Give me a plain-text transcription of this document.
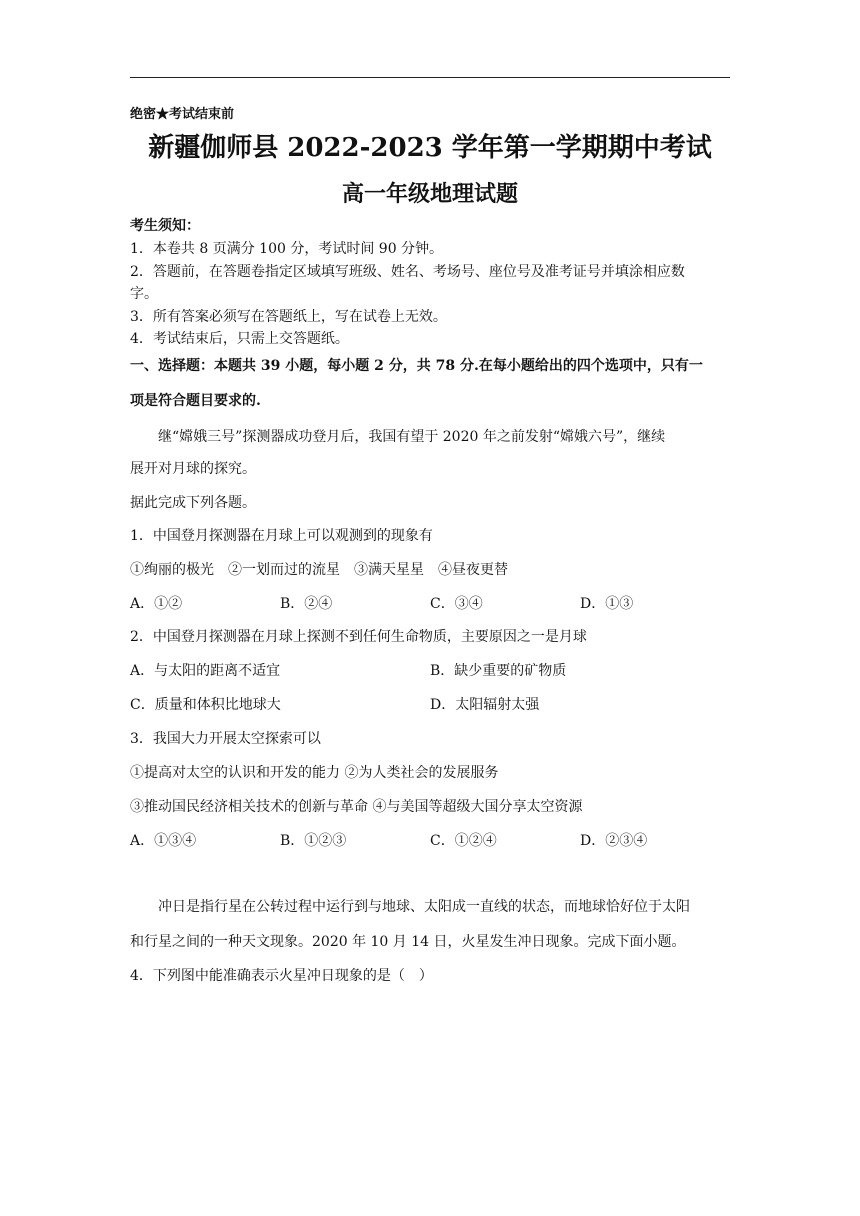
绝密★考试结束前
新疆伽师县 2022-2023 学年第一学期期中考试
高一年级地理试题
考生须知：
1．本卷共 8 页满分 100 分，考试时间 90 分钟。
2．答题前，在答题卷指定区域填写班级、姓名、考场号、座位号及准考证号并填涂相应数
字。
3．所有答案必须写在答题纸上，写在试卷上无效。
4．考试结束后，只需上交答题纸。
一、选择题：本题共 39 小题，每小题 2 分，共 78 分.在每小题给出的四个选项中，只有一
项是符合题目要求的.
继“嫦娥三号”探测器成功登月后，我国有望于 2020 年之前发射“嫦娥六号”，继续
展开对月球的探究。
据此完成下列各题。
1．中国登月探测器在月球上可以观测到的现象有
①绚丽的极光　②一划而过的流星　③满天星星　④昼夜更替
A．①②	B．②④	C．③④	D．①③
2．中国登月探测器在月球上探测不到任何生命物质，主要原因之一是月球
A．与太阳的距离不适宜	B．缺少重要的矿物质
C．质量和体积比地球大	D．太阳辐射太强
3．我国大力开展太空探索可以
①提高对太空的认识和开发的能力 ②为人类社会的发展服务
③推动国民经济相关技术的创新与革命 ④与美国等超级大国分享太空资源
A．①③④	B．①②③	C．①②④	D．②③④
冲日是指行星在公转过程中运行到与地球、太阳成一直线的状态，而地球恰好位于太阳
和行星之间的一种天文现象。2020 年 10 月 14 日，火星发生冲日现象。完成下面小题。
4．下列图中能准确表示火星冲日现象的是（　）
